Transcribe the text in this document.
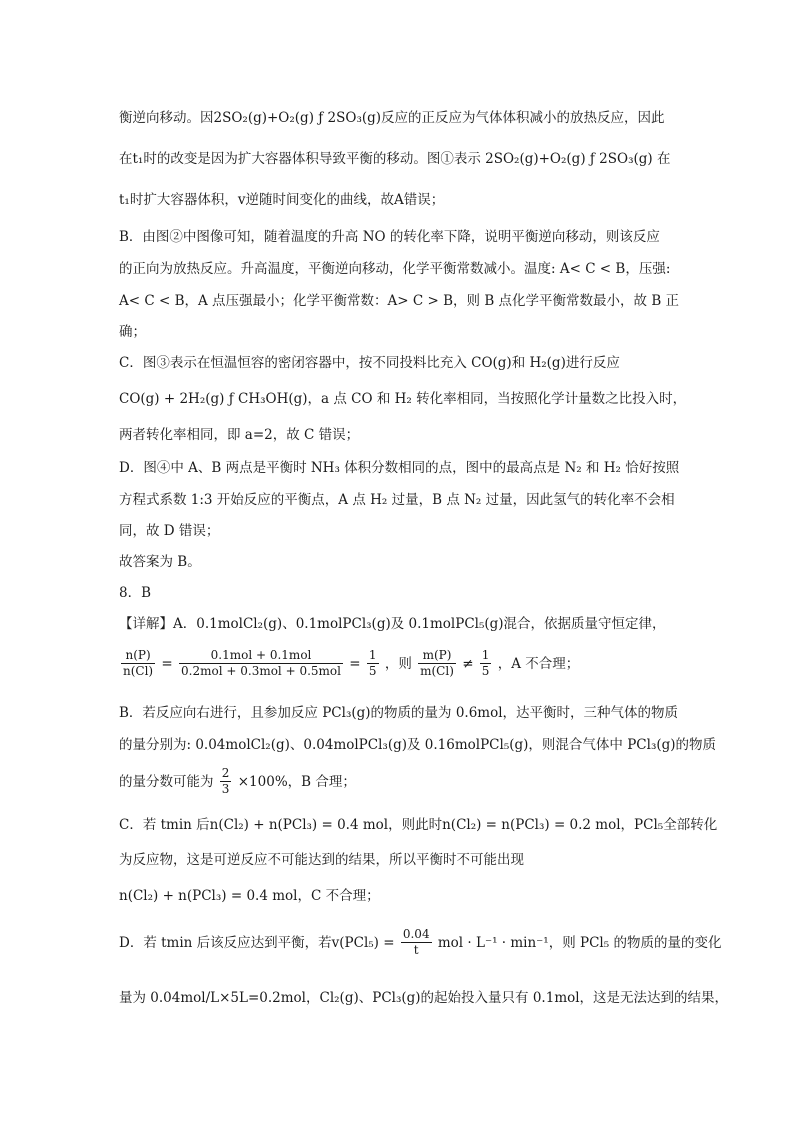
衡逆向移动。因2SO₂(g)+O₂(g) ƒ 2SO₃(g)反应的正反应为气体体积减小的放热反应，因此
在t₁时的改变是因为扩大容器体积导致平衡的移动。图①表示 2SO₂(g)+O₂(g) ƒ 2SO₃(g) 在
t₁时扩大容器体积，v逆随时间变化的曲线，故A错误；
B．由图②中图像可知，随着温度的升高 NO 的转化率下降，说明平衡逆向移动，则该反应
的正向为放热反应。升高温度，平衡逆向移动，化学平衡常数减小。温度: A< C < B，压强:
A< C < B，A 点压强最小；化学平衡常数：A> C > B，则 B 点化学平衡常数最小，故 B 正
确；
C．图③表示在恒温恒容的密闭容器中，按不同投料比充入 CO(g)和 H₂(g)进行反应
CO(g) + 2H₂(g) ƒ CH₃OH(g)，a 点 CO 和 H₂ 转化率相同，当按照化学计量数之比投入时，
两者转化率相同，即 a=2，故 C 错误；
D．图④中 A、B 两点是平衡时 NH₃ 体积分数相同的点，图中的最高点是 N₂ 和 H₂ 恰好按照
方程式系数 1:3 开始反应的平衡点，A 点 H₂ 过量，B 点 N₂ 过量，因此氢气的转化率不会相
同，故 D 错误；
故答案为 B。
8．B
【详解】A．0.1molCl₂(g)、0.1molPCl₃(g)及 0.1molPCl₅(g)混合，依据质量守恒定律，
$\frac{n(P)}{n(Cl)} = \frac{\text{0.1mol + 0.1mol}}{\text{0.2mol + 0.3mol + 0.5mol}} = \frac{1}{5}$ ，则 $\frac{m(P)}{m(Cl)} \ne \frac{1}{5}$ ，A 不合理；
B．若反应向右进行，且参加反应 PCl₃(g)的物质的量为 0.6mol，达平衡时，三种气体的物质
的量分别为: 0.04molCl₂(g)、0.04molPCl₃(g)及 0.16molPCl₅(g)，则混合气体中 PCl₃(g)的物质
的量分数可能为 $\frac{2}{3} \times 100\%$，B 合理；
C．若 tmin 后n(Cl₂) + n(PCl₃) = 0.4 mol，则此时n(Cl₂) = n(PCl₃) = 0.2 mol，PCl₅全部转化
为反应物，这是可逆反应不可能达到的结果，所以平衡时不可能出现
n(Cl₂) + n(PCl₃) = 0.4 mol，C 不合理；
D．若 tmin 后该反应达到平衡，若$v(PCl_5) = \frac{0.04}{t}$ mol · L⁻¹ · min⁻¹，则 PCl₅ 的物质的量的变化
量为 0.04mol/L×5L=0.2mol，Cl₂(g)、PCl₃(g)的起始投入量只有 0.1mol，这是无法达到的结果，
